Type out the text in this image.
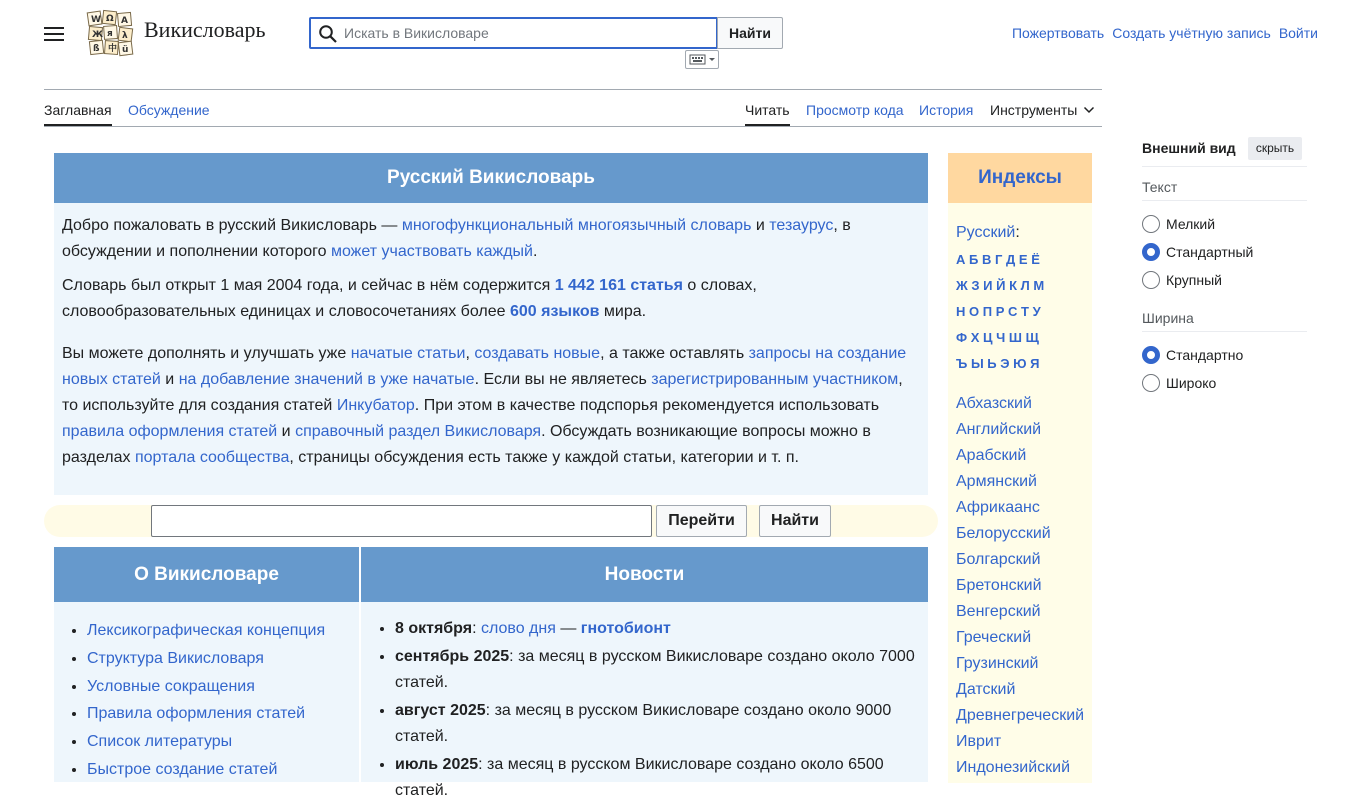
W Ω А
Ж я λ
ß 中 ü
Викисловарь
Искать в Викисловаре	Найти	Пожертвовать Создать учётную запись Войти
Заглавная Обсуждение	Читать Просмотр кода История Инструменты
Русский Викисловарь

Добро пожаловать в русский Викисловарь — многофункциональный многоязычный словарь и тезаурус, в обсуждении и пополнении которого может участвовать каждый.

Словарь был открыт 1 мая 2004 года, и сейчас в нём содержится 1 442 161 статья о словах, словообразовательных единицах и словосочетаниях более 600 языков мира.

Вы можете дополнять и улучшать уже начатые статьи, создавать новые, а также оставлять запросы на создание новых статей и на добавление значений в уже начатые. Если вы не являетесь зарегистрированным участником, то используйте для создания статей Инкубатор. При этом в качестве подспорья рекомендуется использовать правила оформления статей и справочный раздел Викисловаря. Обсуждать возникающие вопросы можно в разделах портала сообщества, страницы обсуждения есть также у каждой статьи, категории и т. п.

Перейти	Найти
О Викисловаре
• Лексикографическая концепция
• Структура Викисловаря
• Условные сокращения
• Правила оформления статей
• Список литературы
• Быстрое создание статей
Новости
• 8 октября: слово дня — гнотобионт
• сентябрь 2025: за месяц в русском Викисловаре создано около 7000 статей.
• август 2025: за месяц в русском Викисловаре создано около 9000 статей.
• июль 2025: за месяц в русском Викисловаре создано около 6500 статей.
Индексы
Русский:
А Б В Г Д Е Ё
Ж З И Й К Л М
Н О П Р С Т У
Ф Х Ц Ч Ш Щ
Ъ Ы Ь Э Ю Я
Абхазский
Английский
Арабский
Армянский
Африкаанс
Белорусский
Болгарский
Бретонский
Венгерский
Греческий
Грузинский
Датский
Древнегреческий
Иврит
Индонезийский
Внешний вид	скрыть
Текст
Мелкий
Стандартный
Крупный
Ширина
Стандартно
Широко
